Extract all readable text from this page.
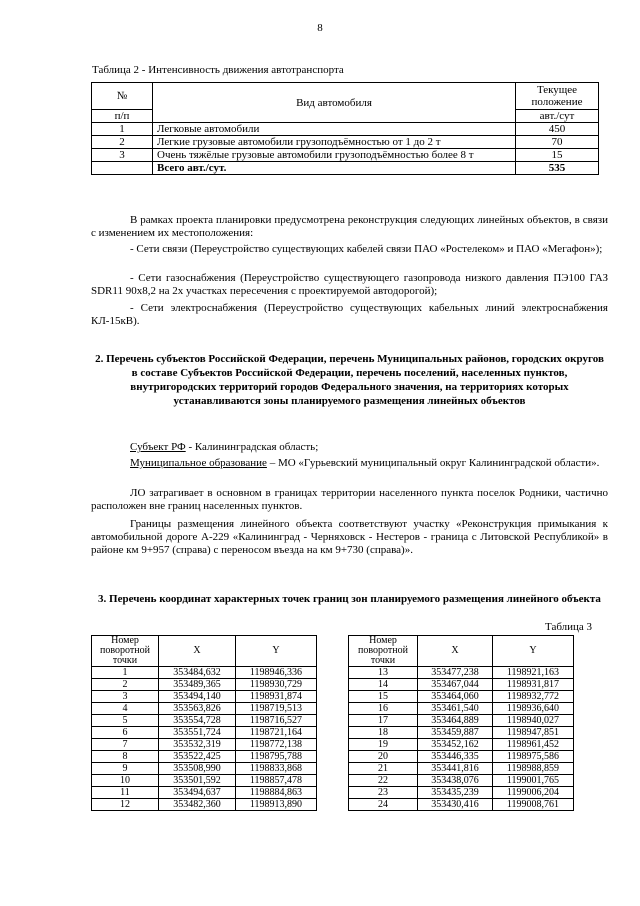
8
Таблица 2 - Интенсивность движения автотранспорта
№	Вид автомобиля	Текущее положение
п/п		авт./сут
1	Легковые автомобили	450
2	Легкие грузовые автомобили грузоподъёмностью от 1 до 2 т	70
3	Очень тяжёлые грузовые автомобили грузоподъёмностью более 8 т	15
	Всего авт./сут.	535

В рамках проекта планировки предусмотрена реконструкция следующих линейных объектов, в связи с изменением их местоположения:

- Сети связи (Переустройство существующих кабелей связи ПАО «Ростелеком» и ПАО «Мегафон»);

- Сети газоснабжения (Переустройство существующего газопровода низкого давления ПЭ100 ГАЗ SDR11 90х8,2 на 2х участках пересечения с проектируемой автодорогой);

- Сети электроснабжения (Переустройство существующих кабельных линий электроснабжения КЛ-15кВ).

2. Перечень субъектов Российской Федерации, перечень Муниципальных районов, городских округов в составе Субъектов Российской Федерации, перечень поселений, населенных пунктов, внутригородских территорий городов Федерального значения, на территориях которых устанавливаются зоны планируемого размещения линейных объектов

Субъект РФ - Калининградская область;

Муниципальное образование – МО «Гурьевский муниципальный округ Калининградской области».

ЛО затрагивает в основном в границах территории населенного пункта поселок Родники, частично расположен вне границ населенных пунктов.

Границы размещения линейного объекта соответствуют участку «Реконструкция примыкания к автомобильной дороге А-229 «Калининград - Черняховск - Нестеров - граница с Литовской Республикой» в районе км 9+957 (справа) с переносом въезда на км 9+730 (справа)».

3. Перечень координат характерных точек границ зон планируемого размещения линейного объекта

Таблица 3
Номер поворотной точки	X	Y
1	353484,632	1198946,336
2	353489,365	1198930,729
3	353494,140	1198931,874
4	353563,826	1198719,513
5	353554,728	1198716,527
6	353551,724	1198721,164
7	353532,319	1198772,138
8	353522,425	1198795,788
9	353508,990	1198833,868
10	353501,592	1198857,478
11	353494,637	1198884,863
12	353482,360	1198913,890
Номер поворотной точки	X	Y
13	353477,238	1198921,163
14	353467,044	1198931,817
15	353464,060	1198932,772
16	353461,540	1198936,640
17	353464,889	1198940,027
18	353459,887	1198947,851
19	353452,162	1198961,452
20	353446,335	1198975,586
21	353441,816	1198988,859
22	353438,076	1199001,765
23	353435,239	1199006,204
24	353430,416	1199008,761
